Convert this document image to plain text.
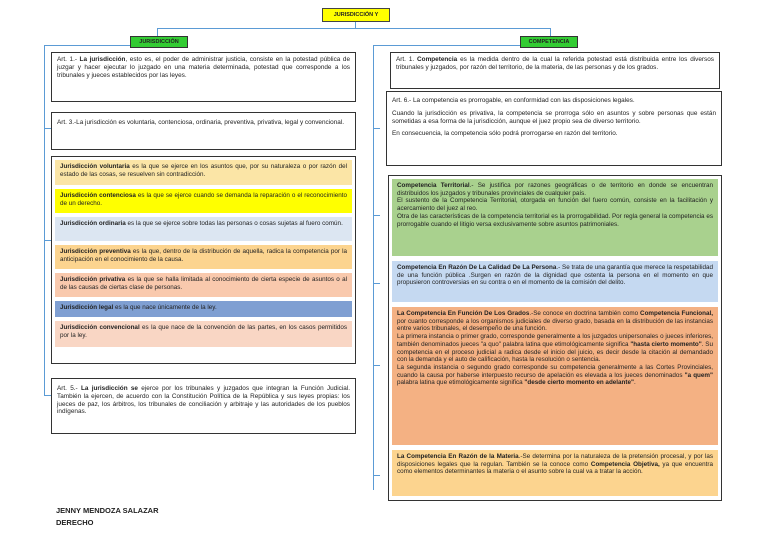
JURISDICCIÓN Y
JURISDICCIÓN	COMPETENCIA
Art. 1.- La jurisdicción, esto es, el poder de administrar justicia, consiste en la potestad pública de juzgar y hacer ejecutar lo juzgado en una materia determinada, potestad que corresponde a los tribunales y jueces establecidos por las leyes.
Art. 3.-La jurisdicción es voluntaria, contenciosa, ordinaria, preventiva, privativa, legal y convencional.
Jurisdicción voluntaria es la que se ejerce en los asuntos que, por su naturaleza o por razón del estado de las cosas, se resuelven sin contradicción.
Jurisdicción contenciosa es la que se ejerce cuando se demanda la reparación o el reconocimiento de un derecho.
Jurisdicción ordinaria es la que se ejerce sobre todas las personas o cosas sujetas al fuero común.
Jurisdicción preventiva es la que, dentro de la distribución de aquella, radica la competencia por la anticipación en el conocimiento de la causa.
Jurisdicción privativa es la que se halla limitada al conocimiento de cierta especie de asuntos o al de las causas de ciertas clase de personas.
Jurisdicción legal es la que nace únicamente de la ley.
Jurisdicción convencional es la que nace de la convención de las partes, en los casos permitidos por la ley.
Art. 5.- La jurisdicción se ejerce por los tribunales y juzgados que integran la Función Judicial. También la ejercen, de acuerdo con la Constitución Política de la República y sus leyes propias: los jueces de paz, los árbitros, los tribunales de conciliación y arbitraje y las autoridades de los pueblos indígenas.
Art. 1. Competencia es la medida dentro de la cual la referida potestad está distribuida entre los diversos tribunales y juzgados, por razón del territorio, de la materia, de las personas y de los grados.

Art. 6.- La competencia es prorrogable, en conformidad con las disposiciones legales.

Cuando la jurisdicción es privativa, la competencia se prorroga sólo en asuntos y sobre personas que están sometidas a esa forma de la jurisdicción, aunque el juez propio sea de diverso territorio.

En consecuencia, la competencia sólo podrá prorrogarse en razón del territorio.

Competencia Territorial.- Se justifica por razones geográficas o de territorio en donde se encuentran distribuidos los juzgados y tribunales provinciales de cualquier país.
El sustento de la Competencia Territorial, otorgada en función del fuero común, consiste en la facilitación y acercamiento del juez al reo.
Otra de las características de la competencia territorial es la prorrogabilidad. Por regla general la competencia es prorrogable cuando el litigio versa exclusivamente sobre asuntos patrimoniales.
Competencia En Razón De La Calidad De La Persona.- Se trata de una garantía que merece la respetabilidad de una función pública .Surgen en razón de la dignidad que ostenta la persona en el momento en que propusieron controversias en su contra o en el momento de la comisión del delito.
La Competencia En Función De Los Grados.-Se conoce en doctrina también como Competencia Funcional, por cuanto corresponde a los organismos judiciales de diverso grado, basada en la distribución de las instancias entre varios tribunales, el desempeño de una función.
La primera instancia o primer grado, corresponde generalmente a los juzgados unipersonales o jueces inferiores, también denominados jueces "a quo" palabra latina que etimológicamente significa "hasta cierto momento". Su competencia en el proceso judicial a radica desde el inicio del juicio, es decir desde la citación al demandado con la demanda y el auto de calificación, hasta la resolución o sentencia.
La segunda instancia o segundo grado corresponde su competencia generalmente a las Cortes Provinciales, cuando la causa por haberse interpuesto recurso de apelación es elevada a los jueces denominados "a quem" palabra latina que etimológicamente significa "desde cierto momento en adelante".
La Competencia En Razón de la Materia.-Se determina por la naturaleza de la pretensión procesal, y por las disposiciones legales que la regulan. También se la conoce como Competencia Objetiva, ya que encuentra como elementos determinantes la materia o el asunto sobre la cual va a tratar la acción.
JENNY MENDOZA SALAZAR
DERECHO
